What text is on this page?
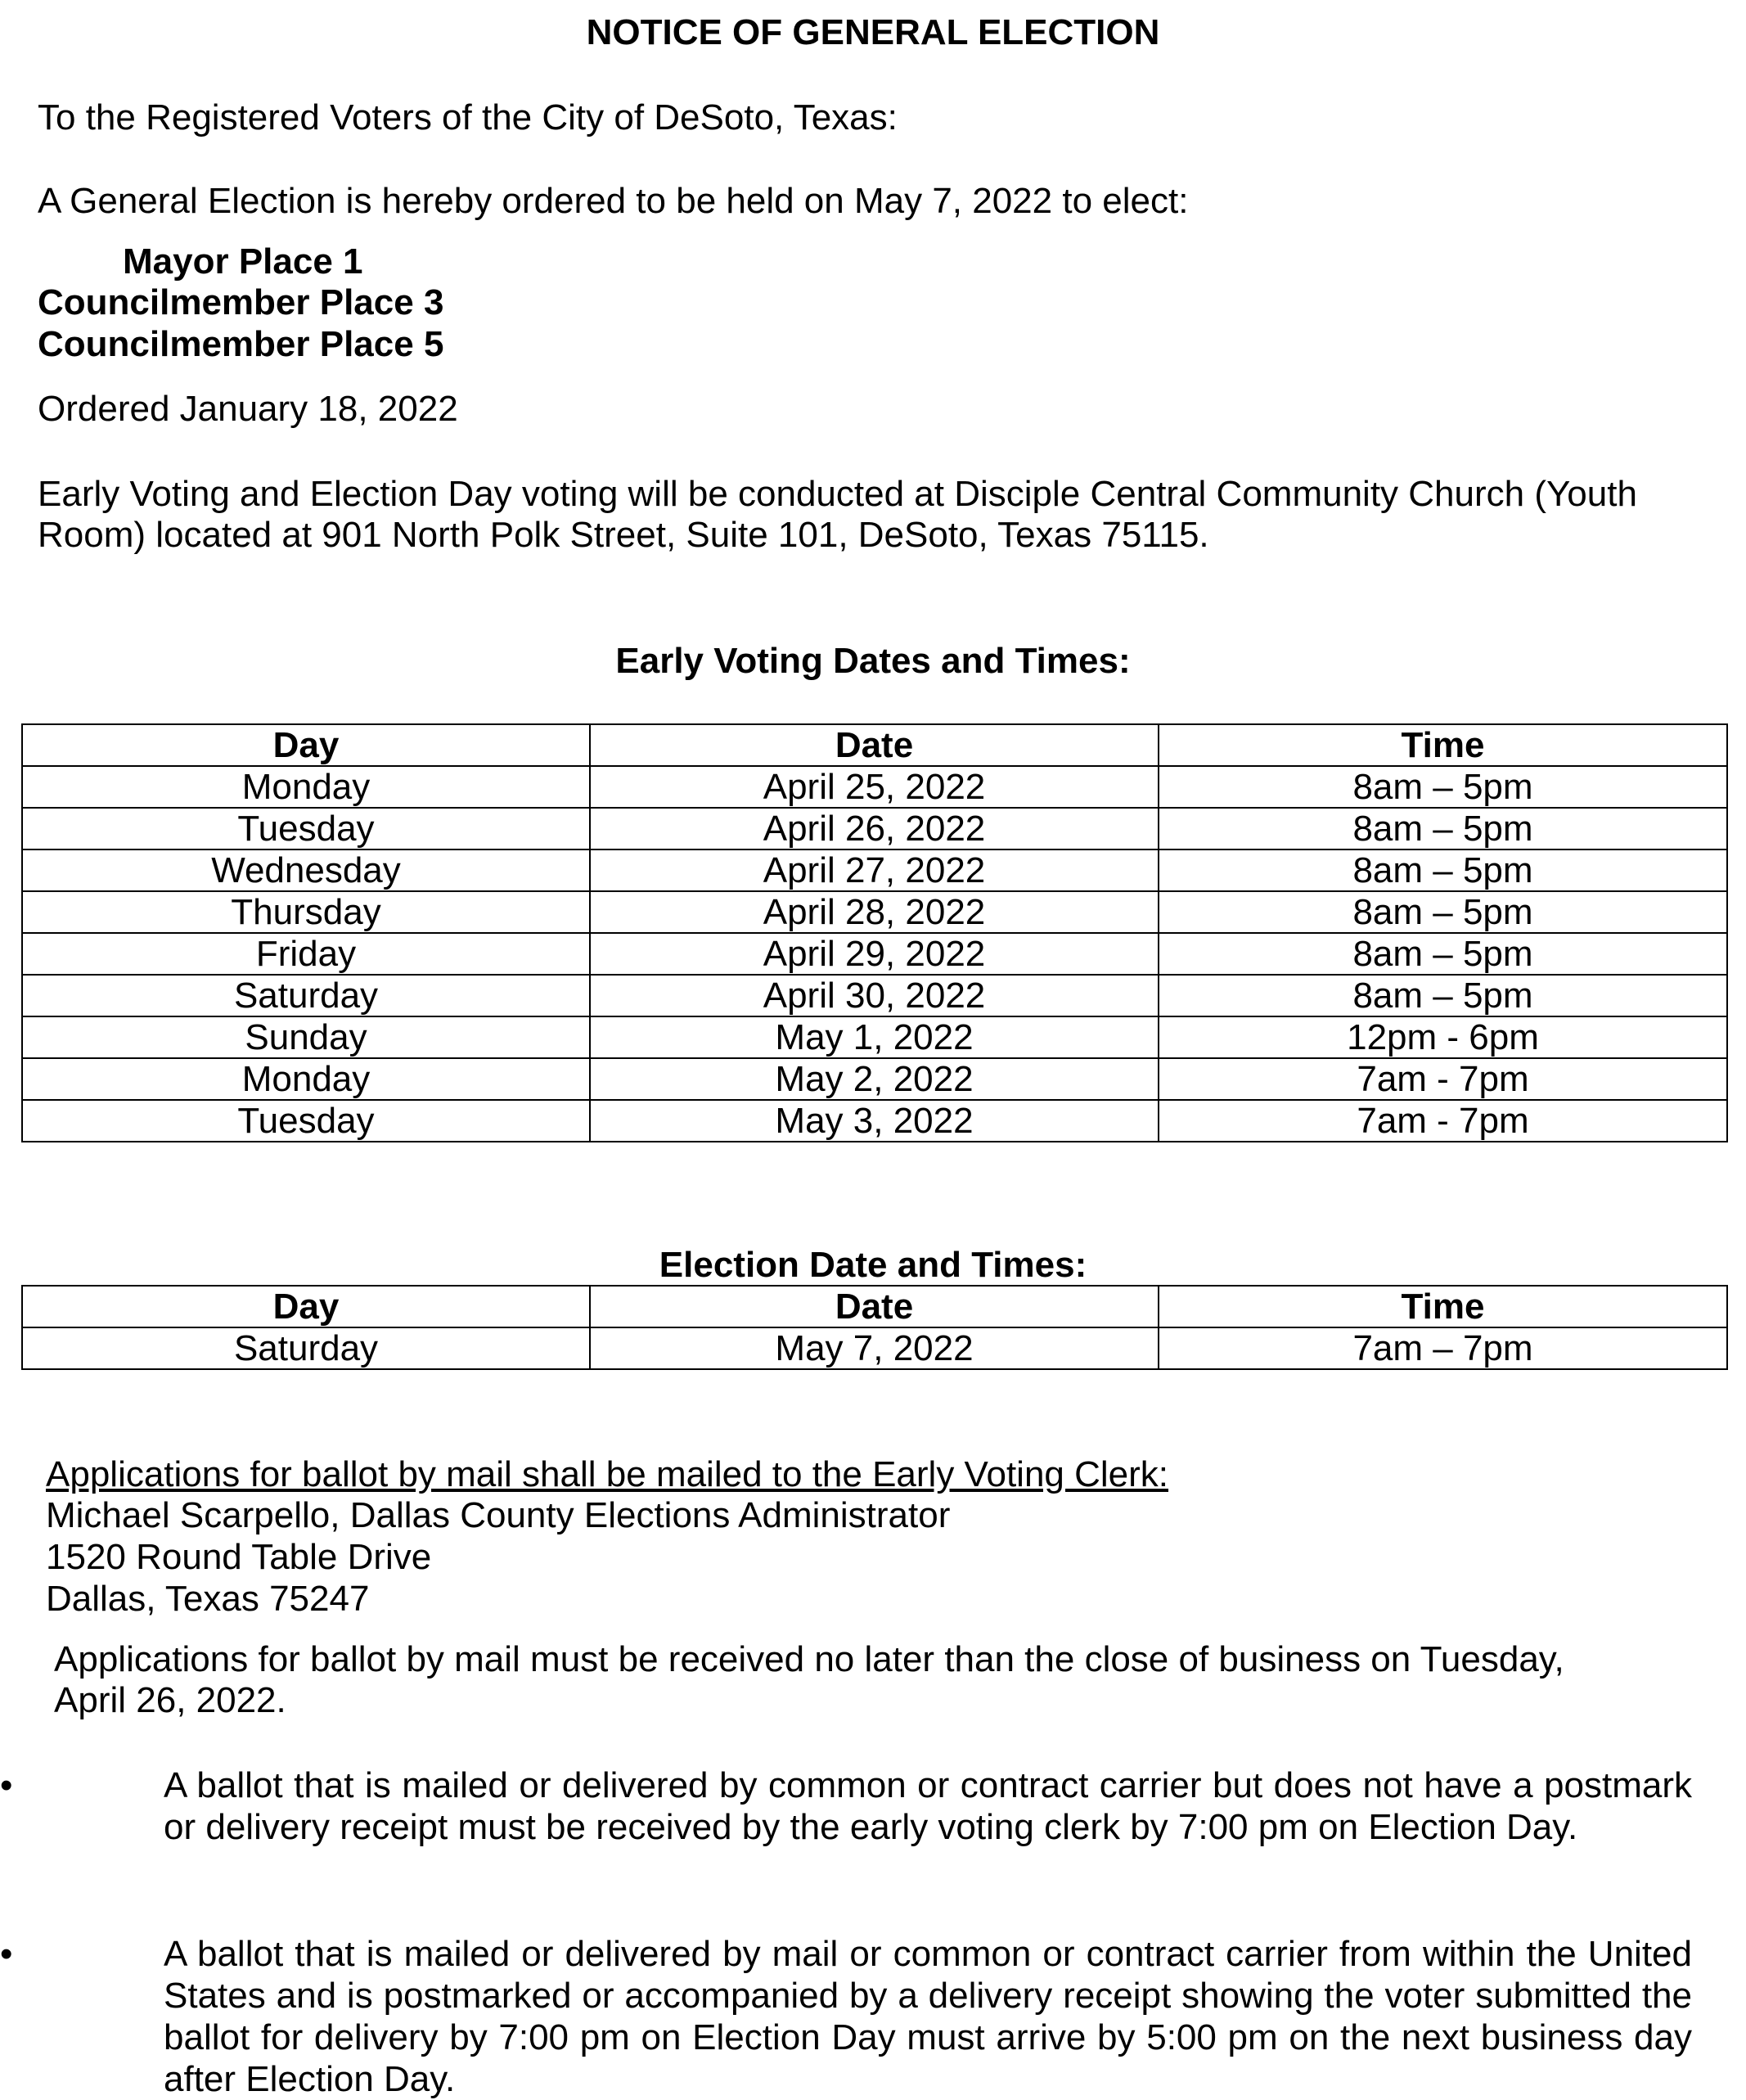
NOTICE OF GENERAL ELECTION
To the Registered Voters of the City of DeSoto, Texas:
A General Election is hereby ordered to be held on May 7, 2022 to elect:
Mayor Place 1
Councilmember Place 3
Councilmember Place 5
Ordered January 18, 2022
Early Voting and Election Day voting will be conducted at Disciple Central Community Church (Youth
Room) located at 901 North Polk Street, Suite 101, DeSoto, Texas 75115.
Early Voting Dates and Times:
Day	Date	Time
Monday	April 25, 2022	8am – 5pm
Tuesday	April 26, 2022	8am – 5pm
Wednesday	April 27, 2022	8am – 5pm
Thursday	April 28, 2022	8am – 5pm
Friday	April 29, 2022	8am – 5pm
Saturday	April 30, 2022	8am – 5pm
Sunday	May 1, 2022	12pm - 6pm
Monday	May 2, 2022	7am - 7pm
Tuesday	May 3, 2022	7am - 7pm
Election Date and Times:
Day	Date	Time
Saturday	May 7, 2022	7am – 7pm
Applications for ballot by mail shall be mailed to the Early Voting Clerk:
Michael Scarpello, Dallas County Elections Administrator
1520 Round Table Drive
Dallas, Texas 75247
Applications for ballot by mail must be received no later than the close of business on Tuesday,
April 26, 2022.
•	A ballot that is mailed or delivered by common or contract carrier but does not have a postmark or delivery receipt must be received by the early voting clerk by 7:00 pm on Election Day.
•	A ballot that is mailed or delivered by mail or common or contract carrier from within the United States and is postmarked or accompanied by a delivery receipt showing the voter submitted the ballot for delivery by 7:00 pm on Election Day must arrive by 5:00 pm on the next business day after Election Day.
